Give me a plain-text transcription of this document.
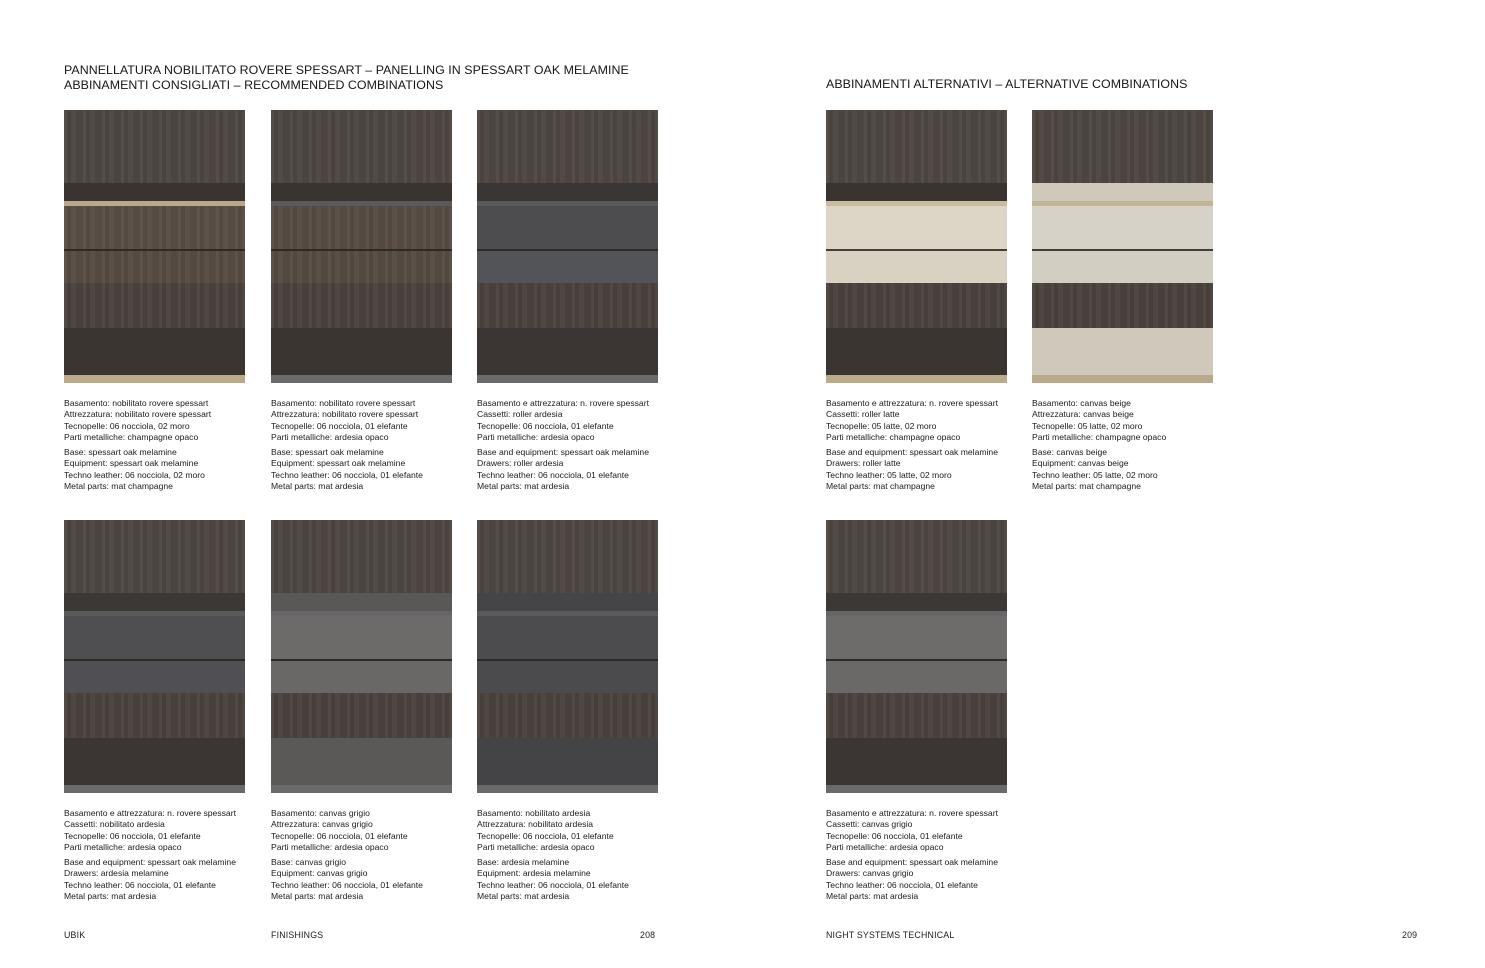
PANNELLATURA NOBILITATO ROVERE SPESSART – PANELLING IN SPESSART OAK MELAMINE
ABBINAMENTI CONSIGLIATI – RECOMMENDED COMBINATIONS	ABBINAMENTI ALTERNATIVI – ALTERNATIVE COMBINATIONS
Basamento: nobilitato rovere spessart
Attrezzatura: nobilitato rovere spessart
Tecnopelle: 06 nocciola, 02 moro
Parti metalliche: champagne opaco
Base: spessart oak melamine
Equipment: spessart oak melamine
Techno leather: 06 nocciola, 02 moro
Metal parts: mat champagne
Basamento: nobilitato rovere spessart
Attrezzatura: nobilitato rovere spessart
Tecnopelle: 06 nocciola, 01 elefante
Parti metalliche: ardesia opaco
Base: spessart oak melamine
Equipment: spessart oak melamine
Techno leather: 06 nocciola, 01 elefante
Metal parts: mat ardesia
Basamento e attrezzatura: n. rovere spessart
Cassetti: roller ardesia
Tecnopelle: 06 nocciola, 01 elefante
Parti metalliche: ardesia opaco
Base and equipment: spessart oak melamine
Drawers: roller ardesia
Techno leather: 06 nocciola, 01 elefante
Metal parts: mat ardesia
Basamento e attrezzatura: n. rovere spessart
Cassetti: roller latte
Tecnopelle: 05 latte, 02 moro
Parti metalliche: champagne opaco
Base and equipment: spessart oak melamine
Drawers: roller latte
Techno leather: 05 latte, 02 moro
Metal parts: mat champagne
Basamento: canvas beige
Attrezzatura: canvas beige
Tecnopelle: 05 latte, 02 moro
Parti metalliche: champagne opaco
Base: canvas beige
Equipment: canvas beige
Techno leather: 05 latte, 02 moro
Metal parts: mat champagne
Basamento e attrezzatura: n. rovere spessart
Cassetti: nobilitato ardesia
Tecnopelle: 06 nocciola, 01 elefante
Parti metalliche: ardesia opaco
Base and equipment: spessart oak melamine
Drawers: ardesia melamine
Techno leather: 06 nocciola, 01 elefante
Metal parts: mat ardesia
Basamento: canvas grigio
Attrezzatura: canvas grigio
Tecnopelle: 06 nocciola, 01 elefante
Parti metalliche: ardesia opaco
Base: canvas grigio
Equipment: canvas grigio
Techno leather: 06 nocciola, 01 elefante
Metal parts: mat ardesia
Basamento: nobilitato ardesia
Attrezzatura: nobilitato ardesia
Tecnopelle: 06 nocciola, 01 elefante
Parti metalliche: ardesia opaco
Base: ardesia melamine
Equipment: ardesia melamine
Techno leather: 06 nocciola, 01 elefante
Metal parts: mat ardesia
Basamento e attrezzatura: n. rovere spessart
Cassetti: canvas grigio
Tecnopelle: 06 nocciola, 01 elefante
Parti metalliche: ardesia opaco
Base and equipment: spessart oak melamine
Drawers: canvas grigio
Techno leather: 06 nocciola, 01 elefante
Metal parts: mat ardesia
UBIK	FINISHINGS	208	NIGHT SYSTEMS TECHNICAL	209
